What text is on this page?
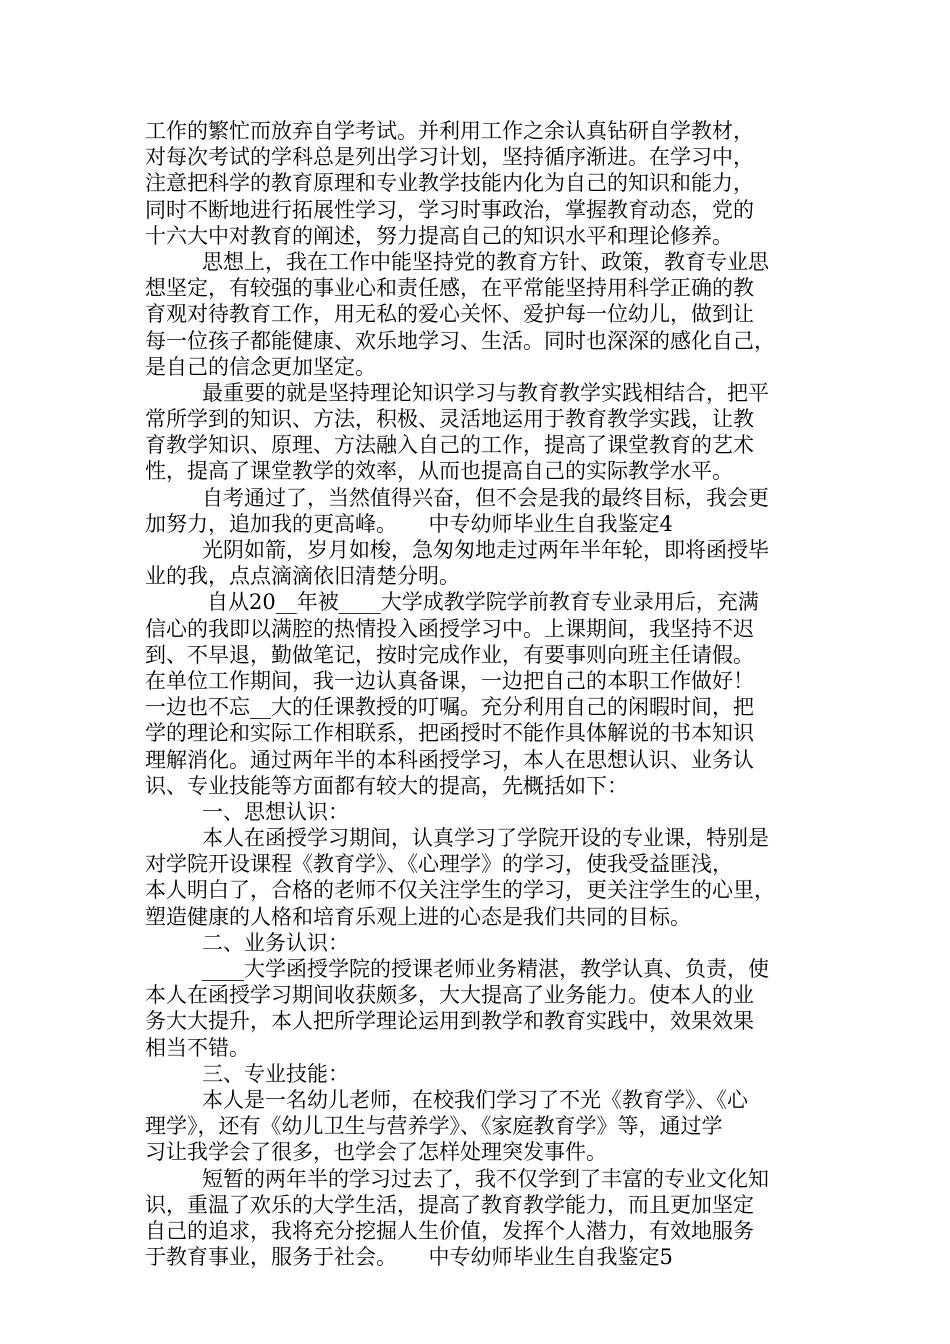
工作的繁忙而放弃自学考试。并利用工作之余认真钻研自学教材，
对每次考试的学科总是列出学习计划，坚持循序渐进。在学习中，
注意把科学的教育原理和专业教学技能内化为自己的知识和能力，
同时不断地进行拓展性学习，学习时事政治，掌握教育动态，党的
十六大中对教育的阐述，努力提高自己的知识水平和理论修养。
思想上，我在工作中能坚持党的教育方针、政策，教育专业思
想坚定，有较强的事业心和责任感，在平常能坚持用科学正确的教
育观对待教育工作，用无私的爱心关怀、爱护每一位幼儿，做到让
每一位孩子都能健康、欢乐地学习、生活。同时也深深的感化自己，
是自己的信念更加坚定。
最重要的就是坚持理论知识学习与教育教学实践相结合，把平
常所学到的知识、方法，积极、灵活地运用于教育教学实践，让教
育教学知识、原理、方法融入自己的工作，提高了课堂教育的艺术
性，提高了课堂教学的效率，从而也提高自己的实际教学水平。
自考通过了，当然值得兴奋，但不会是我的最终目标，我会更
加努力，追加我的更高峰。　　中专幼师毕业生自我鉴定4
光阴如箭，岁月如梭，急匆匆地走过两年半年轮，即将函授毕
业的我，点点滴滴依旧清楚分明。
自从20__年被____大学成教学院学前教育专业录用后，充满
信心的我即以满腔的热情投入函授学习中。上课期间，我坚持不迟
到、不早退，勤做笔记，按时完成作业，有要事则向班主任请假。
在单位工作期间，我一边认真备课，一边把自己的本职工作做好！
一边也不忘__大的任课教授的叮嘱。充分利用自己的闲暇时间，把
学的理论和实际工作相联系，把函授时不能作具体解说的书本知识
理解消化。通过两年半的本科函授学习，本人在思想认识、业务认
识、专业技能等方面都有较大的提高，先概括如下：
一、思想认识：
本人在函授学习期间，认真学习了学院开设的专业课，特别是
对学院开设课程《教育学》、《心理学》的学习，使我受益匪浅，
本人明白了，合格的老师不仅关注学生的学习，更关注学生的心里，
塑造健康的人格和培育乐观上进的心态是我们共同的目标。
二、业务认识：
____大学函授学院的授课老师业务精湛，教学认真、负责，使
本人在函授学习期间收获颇多，大大提高了业务能力。使本人的业
务大大提升，本人把所学理论运用到教学和教育实践中，效果效果
相当不错。
三、专业技能：
本人是一名幼儿老师，在校我们学习了不光《教育学》、《心
理学》，还有《幼儿卫生与营养学》、《家庭教育学》等，通过学
习让我学会了很多，也学会了怎样处理突发事件。
短暂的两年半的学习过去了，我不仅学到了丰富的专业文化知
识，重温了欢乐的大学生活，提高了教育教学能力，而且更加坚定
自己的追求，我将充分挖掘人生价值，发挥个人潜力，有效地服务
于教育事业，服务于社会。　　中专幼师毕业生自我鉴定5
